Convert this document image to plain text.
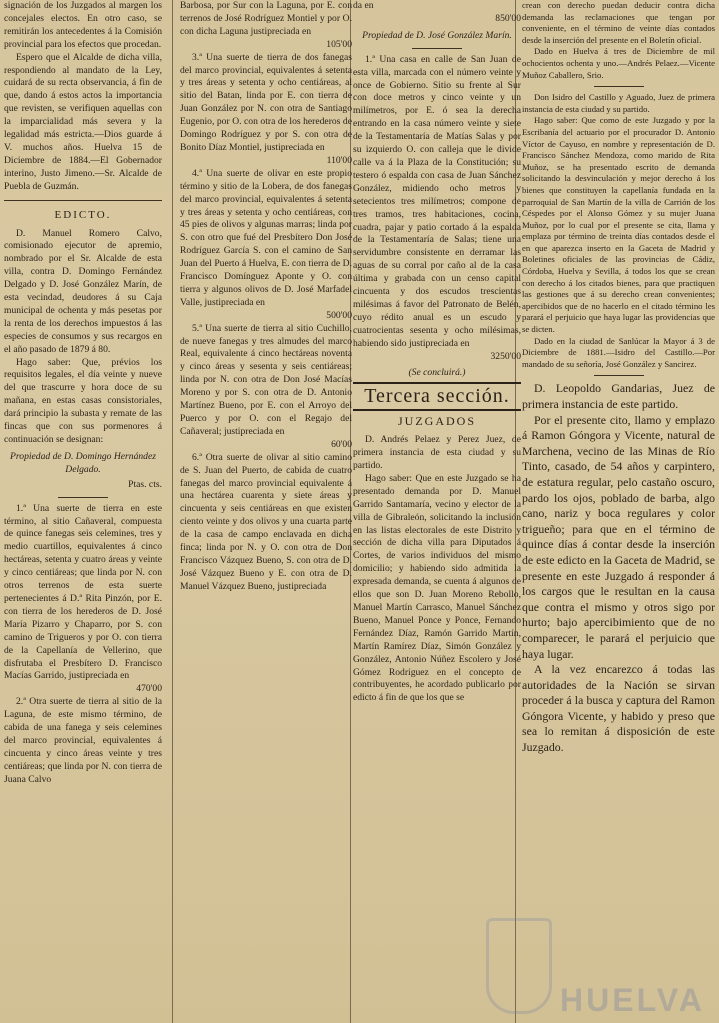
signación de los Juzgados al margen los concejales electos. En otro caso, se remitirán los antecedentes á la Comisión provincial para los efectos que procedan.

Espero que el Alcalde de dicha villa, respondiendo al mandato de la Ley, cuidará de su recta observancia, á fin de que, dando á estos actos la importancia que revisten, se verifiquen aquellas con la imparcialidad más severa y la legalidad más estricta.—Dios guarde á V. muchos años. Huelva 15 de Diciembre de 1884.—El Gobernador interino, Justo Jimeno.—Sr. Alcalde de Puebla de Guzmán.

EDICTO.

D. Manuel Romero Calvo, comisionado ejecutor de apremio, nombrado por el Sr. Alcalde de esta villa, contra D. Domingo Fernández Delgado y D. José González Marín, de esta vecindad, deudores á su Caja municipal de ochenta y más pesetas por la renta de los derechos impuestos á las especies de consumos y sus recargos en el año pasado de 1879 á 80.

Hago saber: Que, prévios los requisitos legales, el día veinte y nueve del que trascurre y hora doce de su mañana, en estas casas consistoriales, dará principio la subasta y remate de las fincas que con sus pormenores á continuación se designan:

Propiedad de D. Domingo Hernández Delgado.

Ptas. cts.

1.ª Una suerte de tierra en este término, al sitio Cañaveral, compuesta de quince fanegas seis celemines, tres y medio cuartillos, equivalentes á cinco hectáreas, setenta y cuatro áreas y veinte y cinco centiáreas; que linda por N. con otros terrenos de esta suerte pertenecientes á D.ª Rita Pinzón, por E. con tierra de los herederos de D. José María Pizarro y Chaparro, por S. con camino de Trigueros y por O. con tierra de la Capellanía de Vellerino, que disfrutaba el Presbítero D. Francisco Macías Garrido, justipreciada en

470'00

2.ª Otra suerte de tierra al sitio de la Laguna, de este mismo término, de cabida de una fanega y seis celemines del marco provincial, equivalentes á cincuenta y cinco áreas veinte y tres centiáreas; que linda por N. con tierra de Juana Calvo

Barbosa, por Sur con la Laguna, por E. con terrenos de José Rodríguez Montiel y por O. con dicha Laguna justipreciada en

105'00

3.ª Una suerte de tierra de dos fanegas del marco provincial, equivalentes á setenta y tres áreas y setenta y ocho centiáreas, al sitio del Batan, linda por E. con tierra de Juan González por N. con otra de Santiago Eugenio, por O. con otra de los herederos de Domingo Rodríguez y por S. con otra de Bonito Díaz Montiel, justipreciada en

110'00

4.ª Una suerte de olivar en este propio término y sitio de la Lobera, de dos fanegas del marco provincial, equivalentes á setenta y tres áreas y setenta y ocho centiáreas, con 45 pies de olivos y algunas marras; linda por S. con otro que fué del Presbítero Don José Rodríguez García S. con el camino de San Juan del Puerto á Huelva, E. con tierra de D. Francisco Domínguez Aponte y O. con tierra y algunos olivos de D. José Marfadel Valle, justipreciada en

500'00

5.ª Una suerte de tierra al sitio Cuchillo, de nueve fanegas y tres almudes del marco Real, equivalente á cinco hectáreas noventa y cinco áreas y sesenta y seis centiáreas; linda por N. con otra de Don José Macías Moreno y por S. con otra de D. Antonio Martínez Bueno, por E. con el Arroyo del Puerco y por O. con el Regajo del Cañaveral; justipreciada en

60'00

6.ª Otra suerte de olivar al sitio camino de S. Juan del Puerto, de cabida de cuatro fanegas del marco provincial equivalente á una hectárea cuarenta y siete áreas y cincuenta y seis centiáreas en que existen ciento veinte y dos olivos y una cuarta parte de la casa de campo enclavada en dicha finca; linda por N. y O. con otra de Don Francisco Vázquez Bueno, S. con otra de D. José Vázquez Bueno y E. con otra de D. Manuel Vázquez Bueno, justipreciada

da en

850'00

Propiedad de D. José González Marín.

1.ª Una casa en calle de San Juan de esta villa, marcada con el número veinte y once de Gobierno. Sitio su frente al Sur con doce metros y cinco veinte y un milímetros, por E. ó sea la derecha entrando en la casa número veinte y siete de la Testamentaría de Matías Salas y por su izquierdo O. con calleja que le divide calle va á la Plaza de la Constitución; su testero ó espalda con casa de Juan Sánchez González, midiendo ocho metros y setecientos tres milímetros; compone de tres tramos, tres habitaciones, cocina, cuadra, pajar y patio cortado á la espalda de la Testamentaría de Salas; tiene una servidumbre consistente en derramar las aguas de su corral por caño al de la casa última y grabada con un censo capital cincuenta y dos escudos trescientas milésimas á favor del Patronato de Belén, cuyo rédito anual es un escudo y cuatrocientas sesenta y ocho milésimas, habiendo sido justipreciada en

3250'00

(Se concluirá.)

Tercera sección.

JUZGADOS

D. Andrés Pelaez y Perez Juez, de primera instancia de esta ciudad y su partido.

Hago saber: Que en este Juzgado se ha presentado demanda por D. Manuel Garrido Santamaría, vecino y elector de la villa de Gibraleón, solicitando la inclusión en las listas electorales de este Distrito y sección de dicha villa para Diputados á Cortes, de varios individuos del mismo domicilio; y habiendo sido admitida la expresada demanda, se cuenta á algunos de ellos que son D. Juan Moreno Rebollo, Manuel Martín Carrasco, Manuel Sánchez Bueno, Manuel Ponce y Ponce, Fernando Fernández Díaz, Ramón Garrido Martín, Martín Ramírez Díaz, Simón González y González, Antonio Núñez Escolero y José Gómez Rodríguez en el concepto de contribuyentes, he acordado publicarlo por edicto á fin de que los que se

crean con derecho puedan deducir contra dicha demanda las reclamaciones que tengan por conveniente, en el término de veinte días contados desde la inserción del presente en el Boletín oficial.

Dado en Huelva á tres de Diciembre de mil ochocientos ochenta y uno.—Andrés Pelaez.—Vicente Muñoz Caballero, Srio.

Don Isidro del Castillo y Aguado, Juez de primera instancia de esta ciudad y su partido.

Hago saber: Que como de este Juzgado y por la Escribanía del actuario por el procurador D. Antonio Víctor de Cayuso, en nombre y representación de D. Francisco Sánchez Mendoza, como marido de Rita Muñoz, se ha presentado escrito de demanda solicitando la desvinculación y mejor derecho á los bienes que constituyen la capellanía fundada en la parroquial de San Martín de la villa de Carrión de los Céspedes por el Alonso Gómez y su mujer Juana Muñoz, por lo cual por el presente se cita, llama y emplaza por término de treinta días contados desde el en que aparezca inserto en la Gaceta de Madrid y Boletines oficiales de las provincias de Cádiz, Córdoba, Huelva y Sevilla, á todos los que se crean con derecho á los citados bienes, para que practiquen las gestiones que á su derecho crean convenientes; apercibidos que de no hacerlo en el citado término les parará el perjuicio que haya lugar las providencias que se dicten.

Dado en la ciudad de Sanlúcar la Mayor á 3 de Diciembre de 1881.—Isidro del Castillo.—Por mandado de su señoría, José González y Sancirez.

D. Leopoldo Gandarias, Juez de primera instancia de este partido.

Por el presente cito, llamo y emplazo á Ramon Góngora y Vicente, natural de Marchena, vecino de las Minas de Río Tinto, casado, de 54 años y carpintero, de estatura regular, pelo castaño oscuro, pardo los ojos, poblado de barba, algo cano, nariz y boca regulares y color trigueño; para que en el término de quince días á contar desde la inserción de este edicto en la Gaceta de Madrid, se presente en este Juzgado á responder á los cargos que le resultan en la causa que contra el mismo y otros sigo por hurto; bajo apercibimiento que de no comparecer, le parará el perjuicio que haya lugar.

A la vez encarezco á todas las autoridades de la Nación se sirvan proceder á la busca y captura del Ramon Góngora Vicente, y habido y preso que sea lo remitan á disposición de este Juzgado.

HUELVA
